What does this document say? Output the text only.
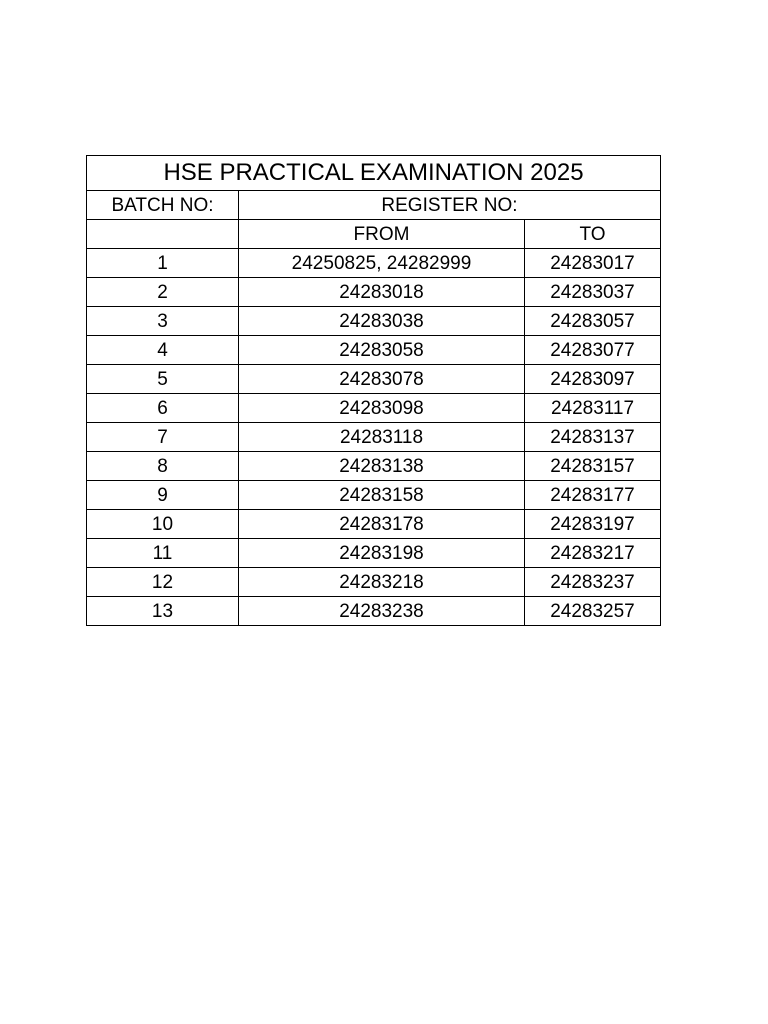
HSE PRACTICAL EXAMINATION 2025		
BATCH NO:	REGISTER NO:	
	FROM	TO
1	24250825, 24282999	24283017
2	24283018	24283037
3	24283038	24283057
4	24283058	24283077
5	24283078	24283097
6	24283098	24283117
7	24283118	24283137
8	24283138	24283157
9	24283158	24283177
10	24283178	24283197
11	24283198	24283217
12	24283218	24283237
13	24283238	24283257
